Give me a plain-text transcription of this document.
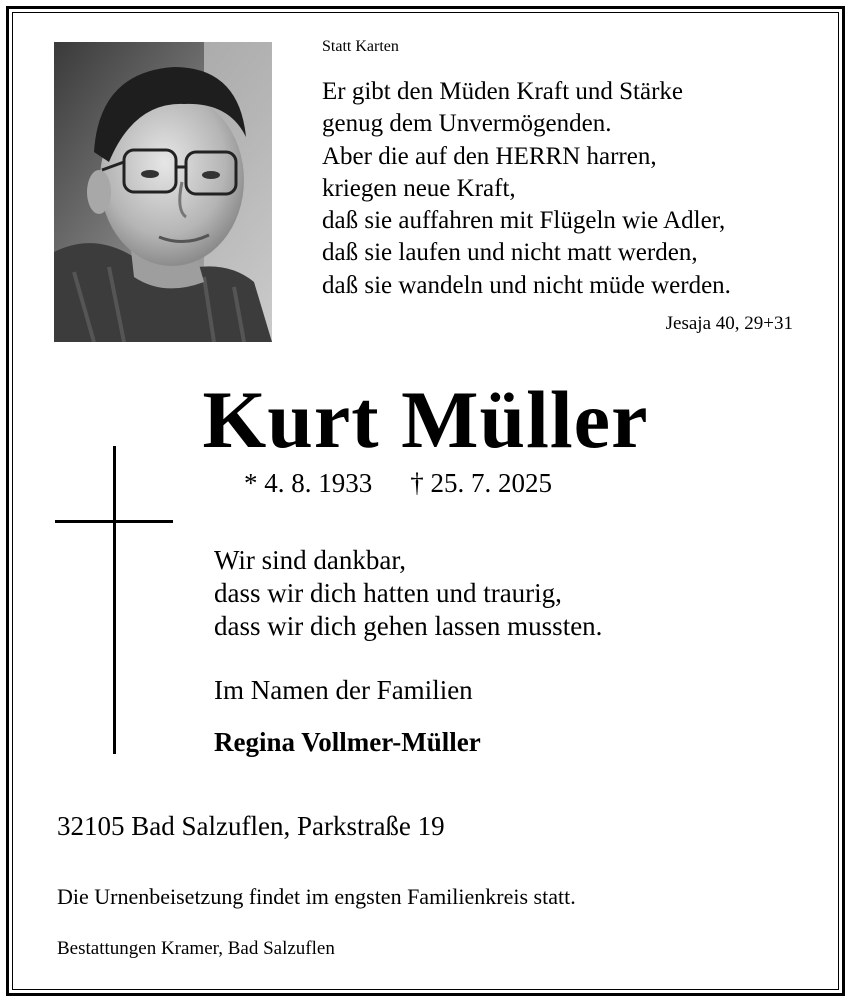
Statt Karten
Er gibt den Müden Kraft und Stärke
genug dem Unvermögenden.
Aber die auf den HERRN harren,
kriegen neue Kraft,
daß sie auffahren mit Flügeln wie Adler,
daß sie laufen und nicht matt werden,
daß sie wandeln und nicht müde werden.
Jesaja 40, 29+31
Kurt Müller
* 4. 8. 1933 † 25. 7. 2025
Wir sind dankbar,
dass wir dich hatten und traurig,
dass wir dich gehen lassen mussten.
Im Namen der Familien
Regina Vollmer-Müller
32105 Bad Salzuflen, Parkstraße 19
Die Urnenbeisetzung findet im engsten Familienkreis statt.
Bestattungen Kramer, Bad Salzuflen
